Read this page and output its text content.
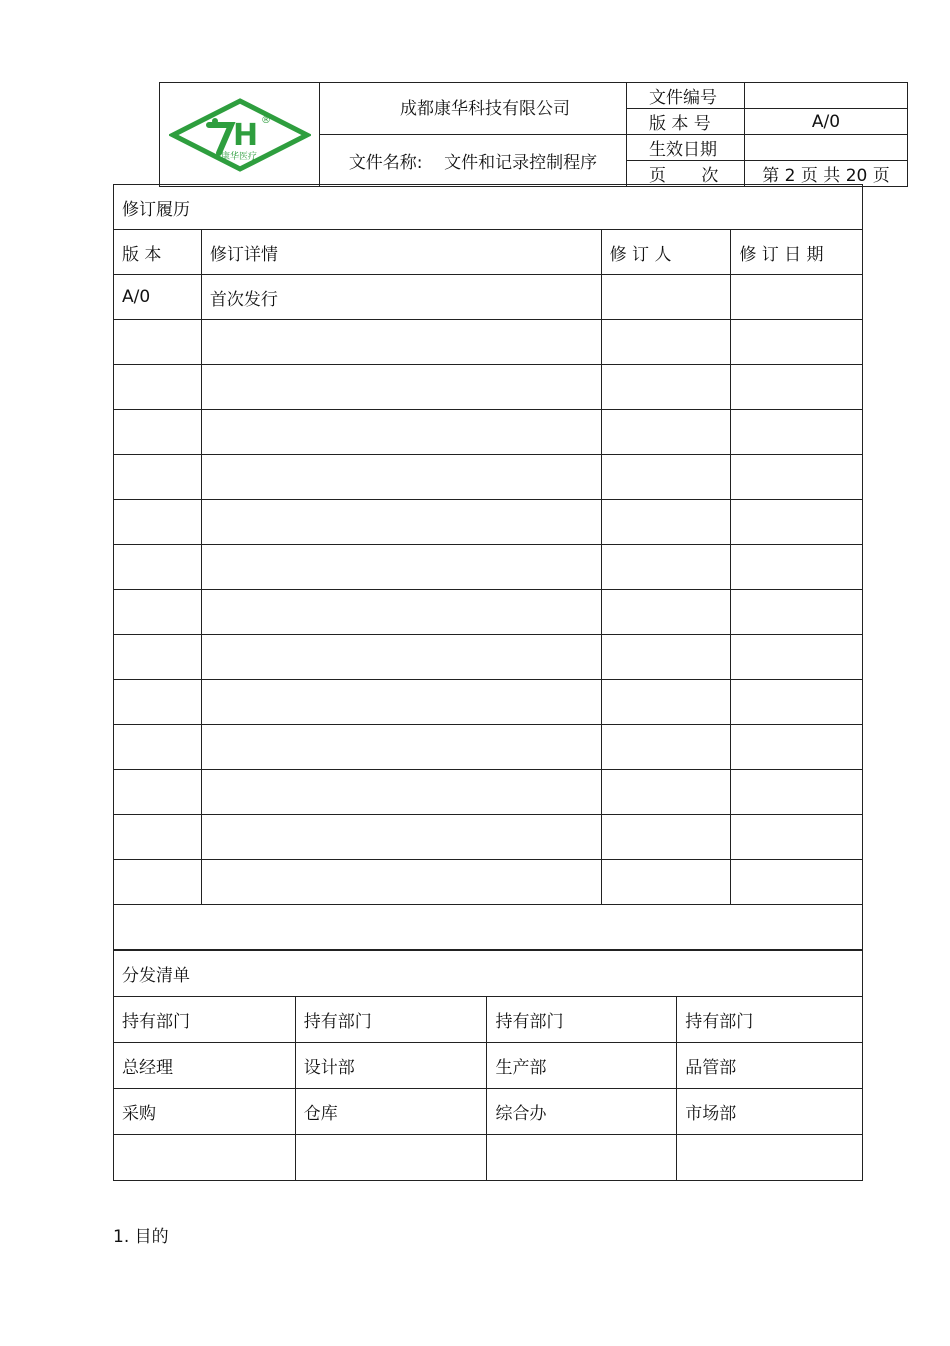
H ®
康华医疗	成都康华科技有限公司	文件编号	
		版 本 号	A/0

	文件名称: 文件和记录控制程序	生效日期	
		页 次	第 2 页 共 20 页
修订履历			
版 本	修订详情	修 订 人	修 订 日 期
A/0	首次发行		

分发清单			
持有部门	持有部门	持有部门	持有部门
总经理	设计部	生产部	品管部
采购	仓库	综合办	市场部

1. 目的
